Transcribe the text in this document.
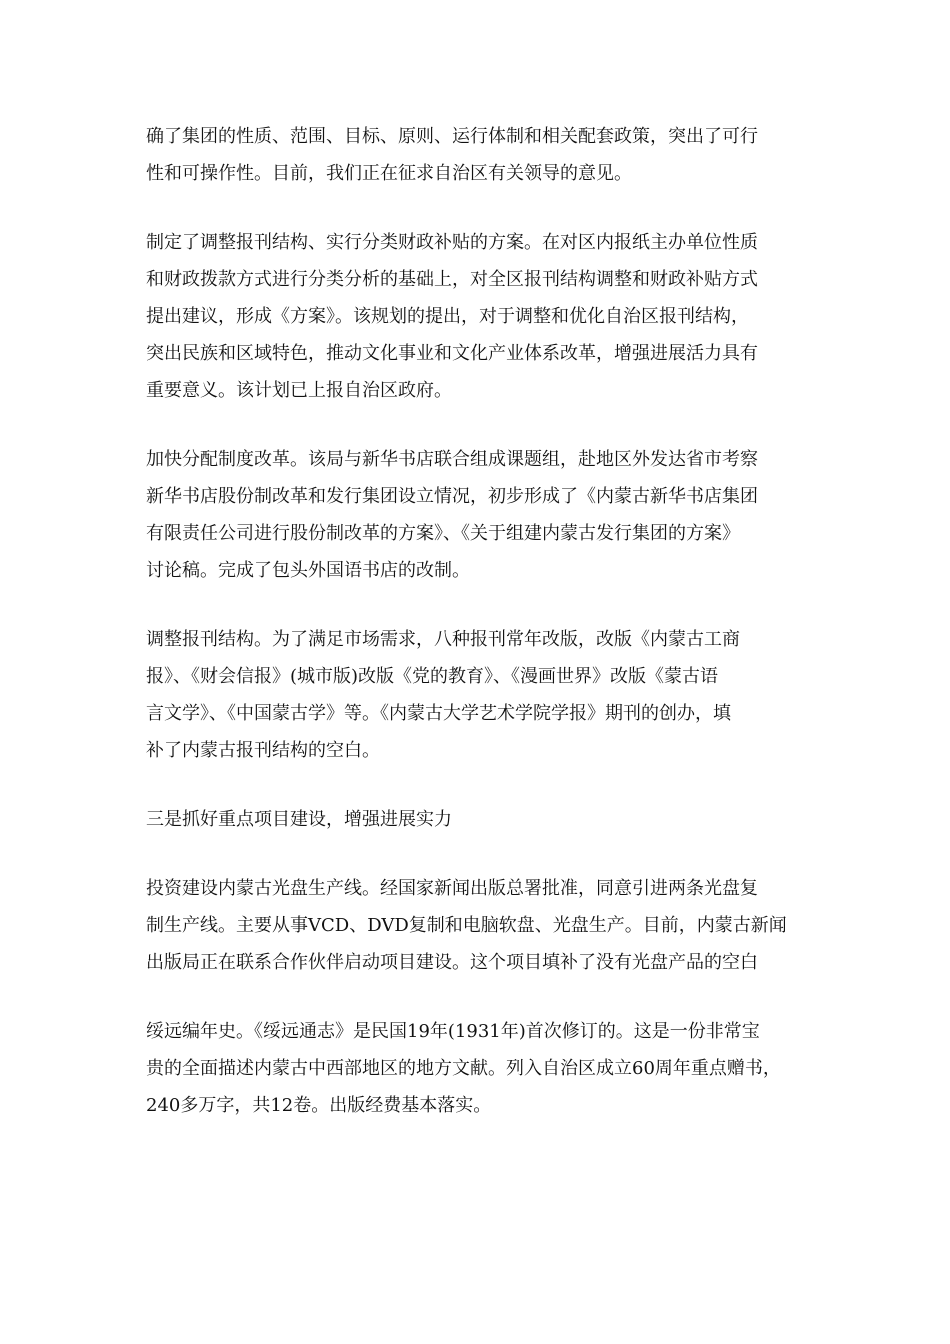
确了集团的性质、范围、目标、原则、运行体制和相关配套政策，突出了可行
性和可操作性。目前，我们正在征求自治区有关领导的意见。
制定了调整报刊结构、实行分类财政补贴的方案。在对区内报纸主办单位性质
和财政拨款方式进行分类分析的基础上，对全区报刊结构调整和财政补贴方式
提出建议，形成《方案》。该规划的提出，对于调整和优化自治区报刊结构，
突出民族和区域特色，推动文化事业和文化产业体系改革，增强进展活力具有
重要意义。该计划已上报自治区政府。
加快分配制度改革。该局与新华书店联合组成课题组，赴地区外发达省市考察
新华书店股份制改革和发行集团设立情况，初步形成了《内蒙古新华书店集团
有限责任公司进行股份制改革的方案》、《关于组建内蒙古发行集团的方案》
讨论稿。完成了包头外国语书店的改制。
调整报刊结构。为了满足市场需求，八种报刊常年改版，改版《内蒙古工商
报》、《财会信报》(城市版)改版《党的教育》、《漫画世界》改版《蒙古语
言文学》、《中国蒙古学》等。《内蒙古大学艺术学院学报》期刊的创办，填
补了内蒙古报刊结构的空白。
三是抓好重点项目建设，增强进展实力
投资建设内蒙古光盘生产线。经国家新闻出版总署批准，同意引进两条光盘复
制生产线。主要从事VCD、DVD复制和电脑软盘、光盘生产。目前，内蒙古新闻
出版局正在联系合作伙伴启动项目建设。这个项目填补了没有光盘产品的空白
绥远编年史。《绥远通志》是民国19年(1931年)首次修订的。这是一份非常宝
贵的全面描述内蒙古中西部地区的地方文献。列入自治区成立60周年重点赠书，
240多万字，共12卷。出版经费基本落实。
